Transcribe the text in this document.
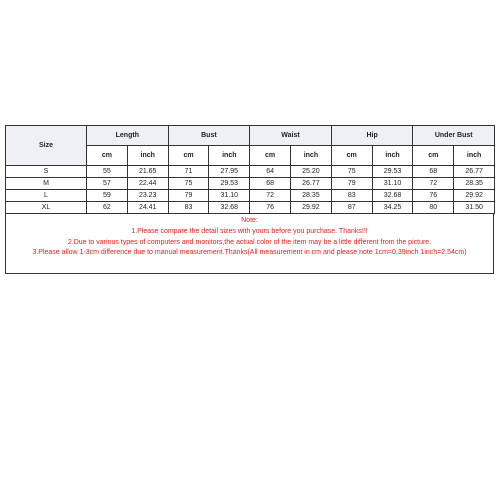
Size	Length		Bust		Waist		Hip		Under Bust	
	cm	inch	cm	inch	cm	inch	cm	inch	cm	inch
S	55	21.65	71	27.95	64	25.20	75	29.53	68	26.77
M	57	22.44	75	29.53	68	26.77	79	31.10	72	28.35
L	59	23.23	79	31.10	72	28.35	83	32.68	76	29.92
XL	62	24.41	83	32.68	76	29.92	87	34.25	80	31.50
Note:
1.Please compare the detail sizes with yours before you purchase. Thanks!!!
2.Due to various types of computers and monitors,the actual color of the item may be a little different from the picture.
3.Please allow 1-3cm difference due to manual measurement.Thanks(All measurement in cm and please note 1cm=0.39inch 1inch=2.54cm)
